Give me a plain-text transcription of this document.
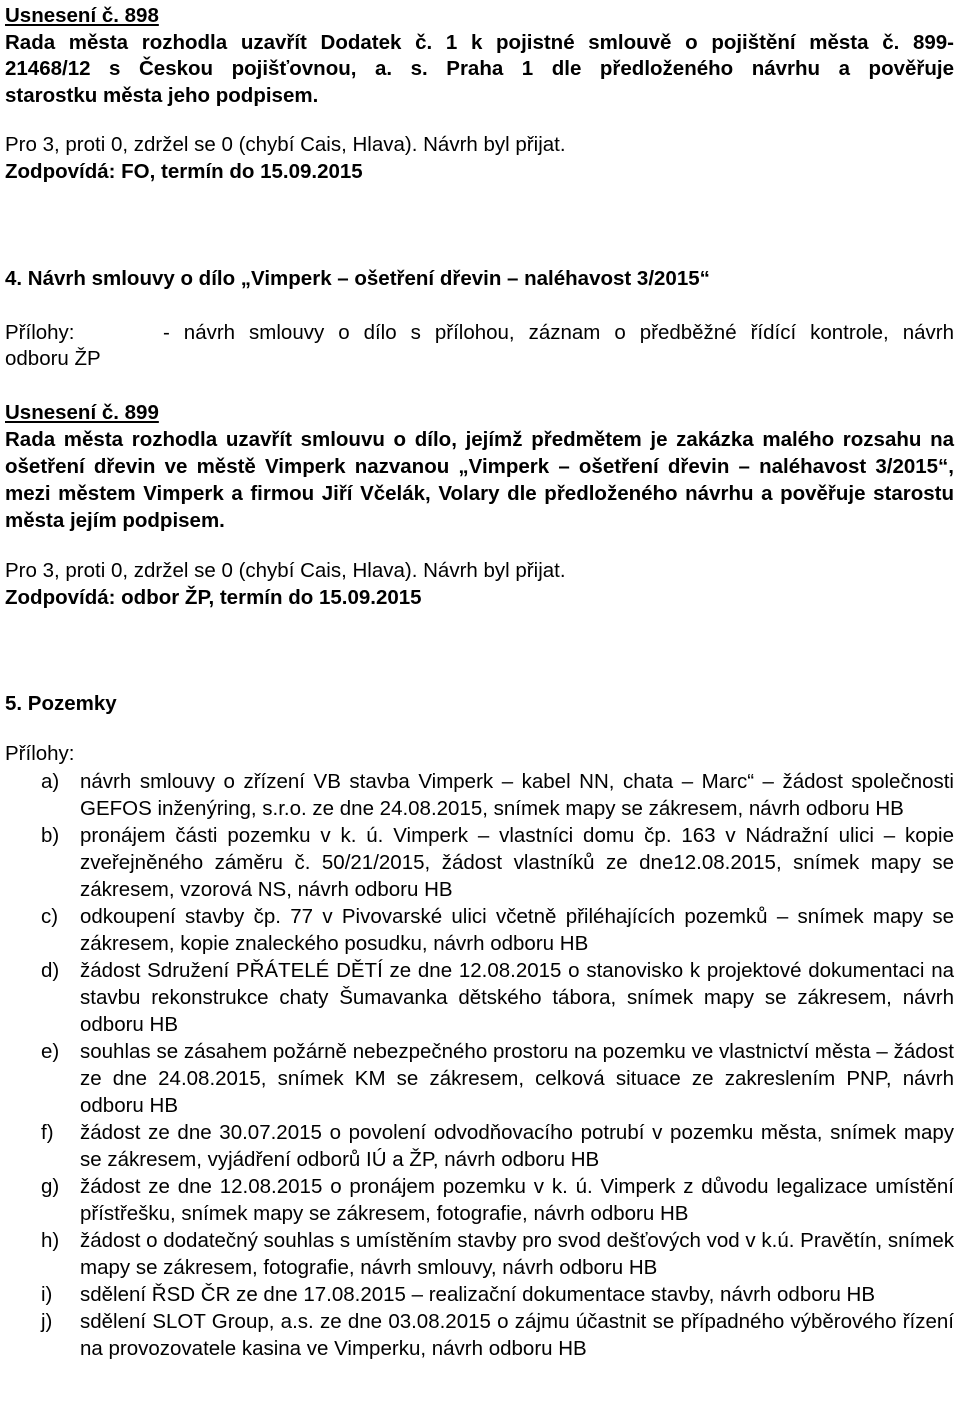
Usnesení č. 898
Rada města rozhodla uzavřít Dodatek č. 1 k pojistné smlouvě o pojištění města č. 899-
21468/12 s Českou pojišťovnou, a. s. Praha 1 dle předloženého návrhu a pověřuje
starostku města jeho podpisem.
Pro 3, proti 0, zdržel se 0 (chybí Cais, Hlava). Návrh byl přijat.
Zodpovídá: FO, termín do 15.09.2015
4. Návrh smlouvy o dílo „Vimperk – ošetření dřevin – naléhavost 3/2015“
Přílohy:	- návrh smlouvy o dílo s přílohou, záznam o předběžné řídící kontrole, návrh
odboru ŽP
Usnesení č. 899
Rada města rozhodla uzavřít smlouvu o dílo, jejímž předmětem je zakázka malého rozsahu na ošetření dřevin ve městě Vimperk nazvanou „Vimperk – ošetření dřevin – naléhavost 3/2015“, mezi městem Vimperk a firmou Jiří Včelák, Volary dle předloženého návrhu a pověřuje starostu města jejím podpisem.
Pro 3, proti 0, zdržel se 0 (chybí Cais, Hlava). Návrh byl přijat.
Zodpovídá: odbor ŽP, termín do 15.09.2015
5. Pozemky
Přílohy:
a) návrh smlouvy o zřízení VB stavba Vimperk – kabel NN, chata – Marc“ – žádost společnosti GEFOS inženýring, s.r.o. ze dne 24.08.2015, snímek mapy se zákresem, návrh odboru HB
b) pronájem části pozemku v k. ú. Vimperk – vlastníci domu čp. 163 v Nádražní ulici – kopie zveřejněného záměru č. 50/21/2015, žádost vlastníků ze dne12.08.2015, snímek mapy se zákresem, vzorová NS, návrh odboru HB
c) odkoupení stavby čp. 77 v Pivovarské ulici včetně přiléhajících pozemků – snímek mapy se zákresem, kopie znaleckého posudku, návrh odboru HB
d) žádost Sdružení PŘÁTELÉ DĚTÍ ze dne 12.08.2015 o stanovisko k projektové dokumentaci na stavbu rekonstrukce chaty Šumavanka dětského tábora, snímek mapy se zákresem, návrh odboru HB
e) souhlas se zásahem požárně nebezpečného prostoru na pozemku ve vlastnictví města – žádost ze dne 24.08.2015, snímek KM se zákresem, celková situace ze zakreslením PNP, návrh odboru HB
f) žádost ze dne 30.07.2015 o povolení odvodňovacího potrubí v pozemku města, snímek mapy se zákresem, vyjádření odborů IÚ a ŽP, návrh odboru HB
g) žádost ze dne 12.08.2015 o pronájem pozemku v k. ú. Vimperk z důvodu legalizace umístění přístřešku, snímek mapy se zákresem, fotografie, návrh odboru HB
h) žádost o dodatečný souhlas s umístěním stavby pro svod dešťových vod v k.ú. Pravětín, snímek mapy se zákresem, fotografie, návrh smlouvy, návrh odboru HB
i) sdělení ŘSD ČR ze dne 17.08.2015 – realizační dokumentace stavby, návrh odboru HB
j) sdělení SLOT Group, a.s. ze dne 03.08.2015 o zájmu účastnit se případného výběrového řízení na provozovatele kasina ve Vimperku, návrh odboru HB
